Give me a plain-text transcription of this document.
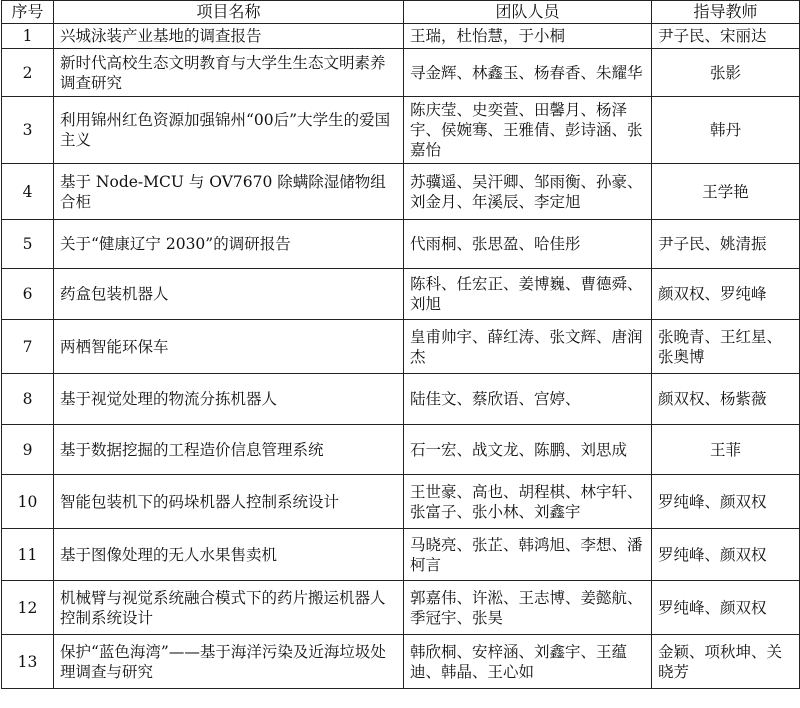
序号	项目名称	团队人员	指导教师
1	兴城泳装产业基地的调查报告	王瑞，杜怡慧，于小桐	尹子民、宋丽达
2	新时代高校生态文明教育与大学生生态文明素养调查研究	寻金辉、林鑫玉、杨春香、朱耀华	张影
3	利用锦州红色资源加强锦州“00后”大学生的爱国主义	陈庆莹、史奕萱、田馨月、杨泽宇、侯婉骞、王雅倩、彭诗涵、张嘉怡	韩丹
4	基于 Node-MCU 与 OV7670 除螨除湿储物组合柜	苏骥遥、吴汗卿、邹雨衡、孙豪、刘金月、年溪辰、李定旭	王学艳
5	关于“健康辽宁 2030”的调研报告	代雨桐、张思盈、哈佳彤	尹子民、姚清振
6	药盒包装机器人	陈科、任宏正、姜博巍、曹德舜、刘旭	颜双权、罗纯峰
7	两栖智能环保车	皇甫帅宇、薛红涛、张文辉、唐润杰	张晚青、王红星、张奥博
8	基于视觉处理的物流分拣机器人	陆佳文、蔡欣语、宫婷、	颜双权、杨紫薇
9	基于数据挖掘的工程造价信息管理系统	石一宏、战文龙、陈鹏、刘思成	王菲
10	智能包装机下的码垛机器人控制系统设计	王世豪、高也、胡程棋、林宇轩、张富子、张小林、刘鑫宇	罗纯峰、颜双权
11	基于图像处理的无人水果售卖机	马晓亮、张芷、韩鸿旭、李想、潘柯言	罗纯峰、颜双权
12	机械臂与视觉系统融合模式下的药片搬运机器人控制系统设计	郭嘉伟、许淞、王志博、姜懿航、季冠宇、张昊	罗纯峰、颜双权
13	保护“蓝色海湾”——基于海洋污染及近海垃圾处理调查与研究	韩欣桐、安梓涵、刘鑫宇、王蕴迪、韩晶、王心如	金颖、项秋坤、关晓芳
